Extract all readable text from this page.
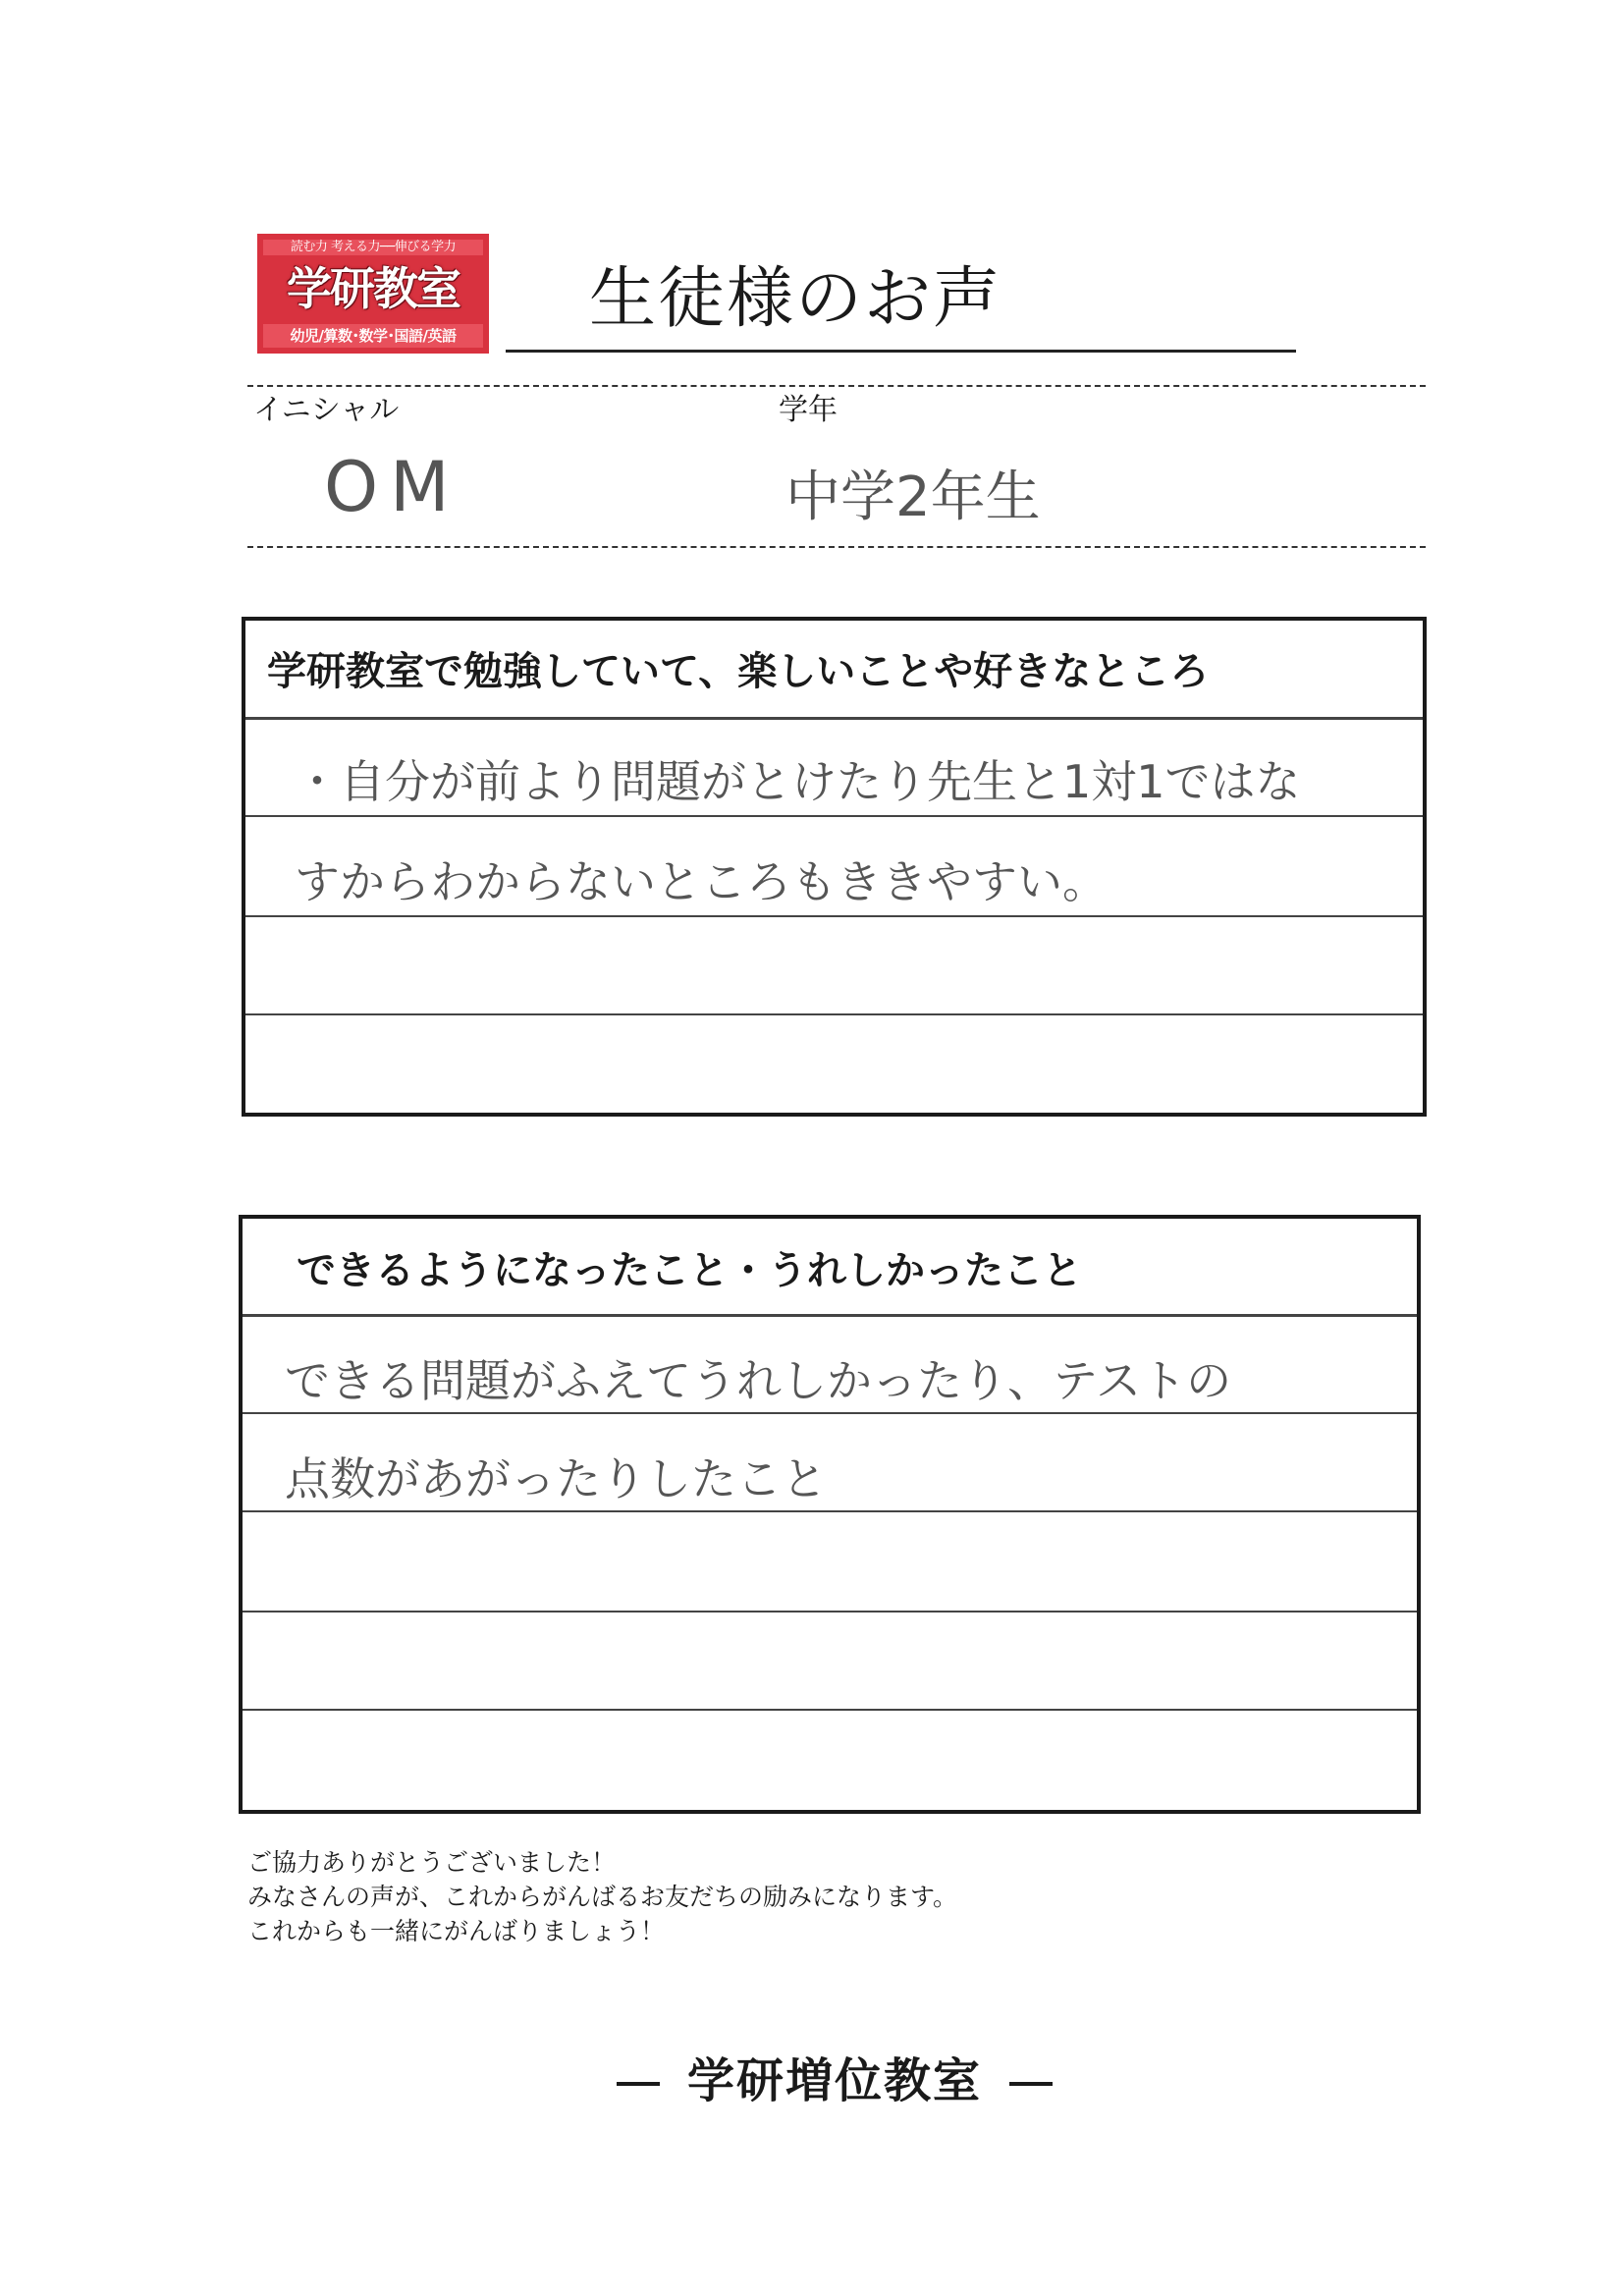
読む力 考える力──伸びる学力
学研教室
幼児/算数･数学･国語/英語	生徒様のお声
イニシャル	学年
OM	中学2年生
学研教室で勉強していて、楽しいことや好きなところ
・自分が前より問題がとけたり先生と1対1ではな
すからわからないところもききやすい。
できるようになったこと・うれしかったこと
できる問題がふえてうれしかったり、テストの
点数があがったりしたこと
ご協力ありがとうございました！
みなさんの声が、これからがんばるお友だちの励みになります。
これからも一緒にがんばりましょう！
学研増位教室
